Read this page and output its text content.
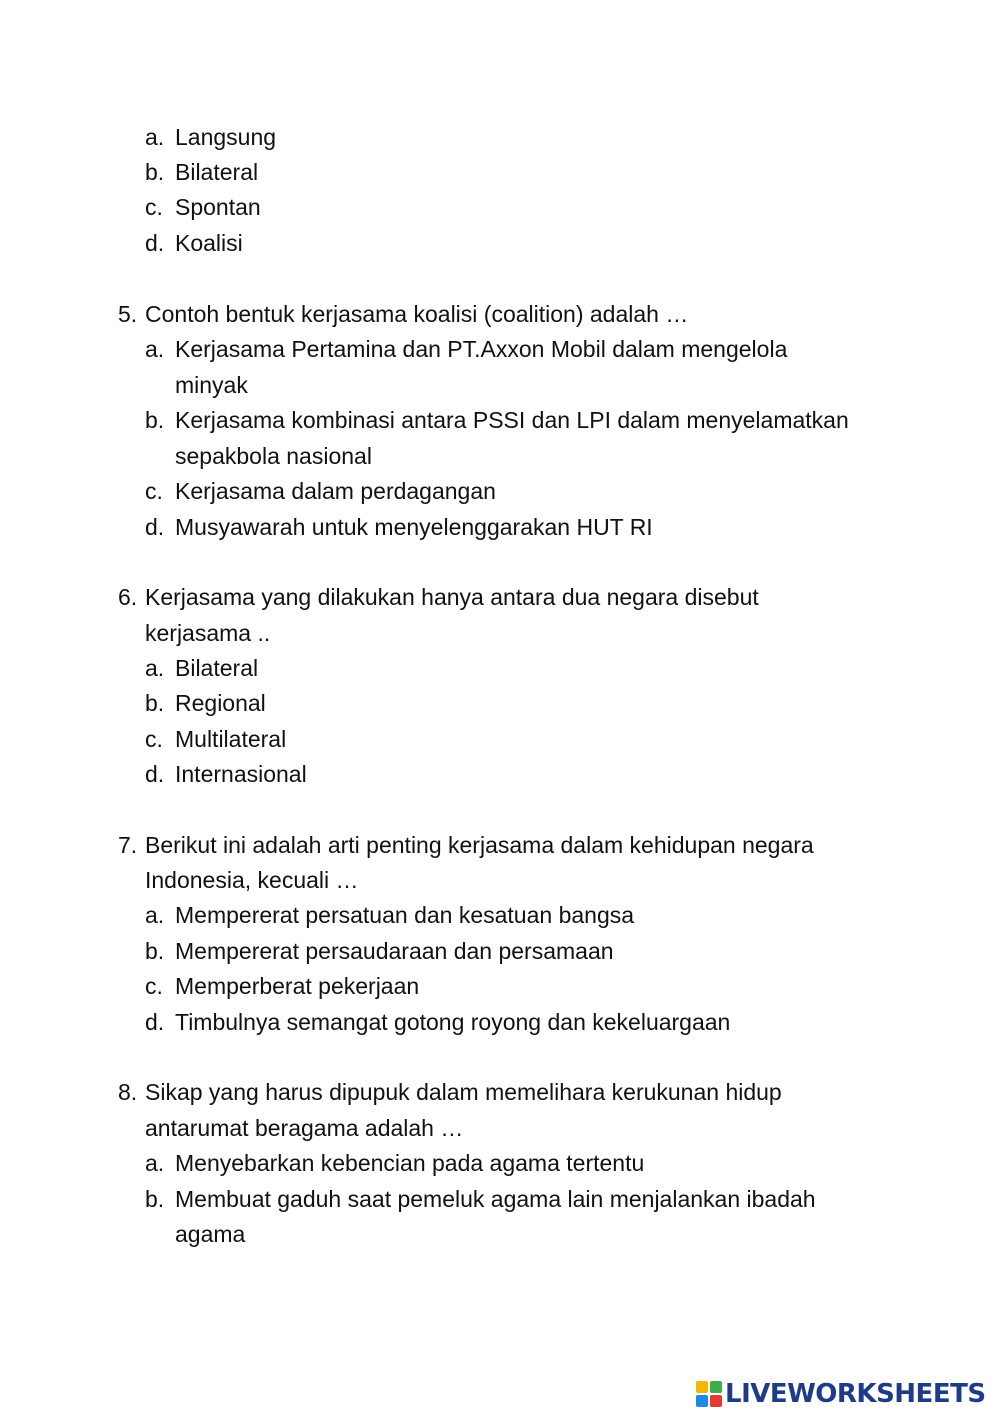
a. Langsung
b. Bilateral
c. Spontan
d. Koalisi
5. Contoh bentuk kerjasama koalisi (coalition) adalah …
a. Kerjasama Pertamina dan PT.Axxon Mobil dalam mengelola
minyak
b. Kerjasama kombinasi antara PSSI dan LPI dalam menyelamatkan
sepakbola nasional
c. Kerjasama dalam perdagangan
d. Musyawarah untuk menyelenggarakan HUT RI
6. Kerjasama yang dilakukan hanya antara dua negara disebut
kerjasama ..
a. Bilateral
b. Regional
c. Multilateral
d. Internasional
7. Berikut ini adalah arti penting kerjasama dalam kehidupan negara
Indonesia, kecuali …
a. Mempererat persatuan dan kesatuan bangsa
b. Mempererat persaudaraan dan persamaan
c. Memperberat pekerjaan
d. Timbulnya semangat gotong royong dan kekeluargaan
8. Sikap yang harus dipupuk dalam memelihara kerukunan hidup
antarumat beragama adalah …
a. Menyebarkan kebencian pada agama tertentu
b. Membuat gaduh saat pemeluk agama lain menjalankan ibadah
agama
LIVEWORKSHEETS
